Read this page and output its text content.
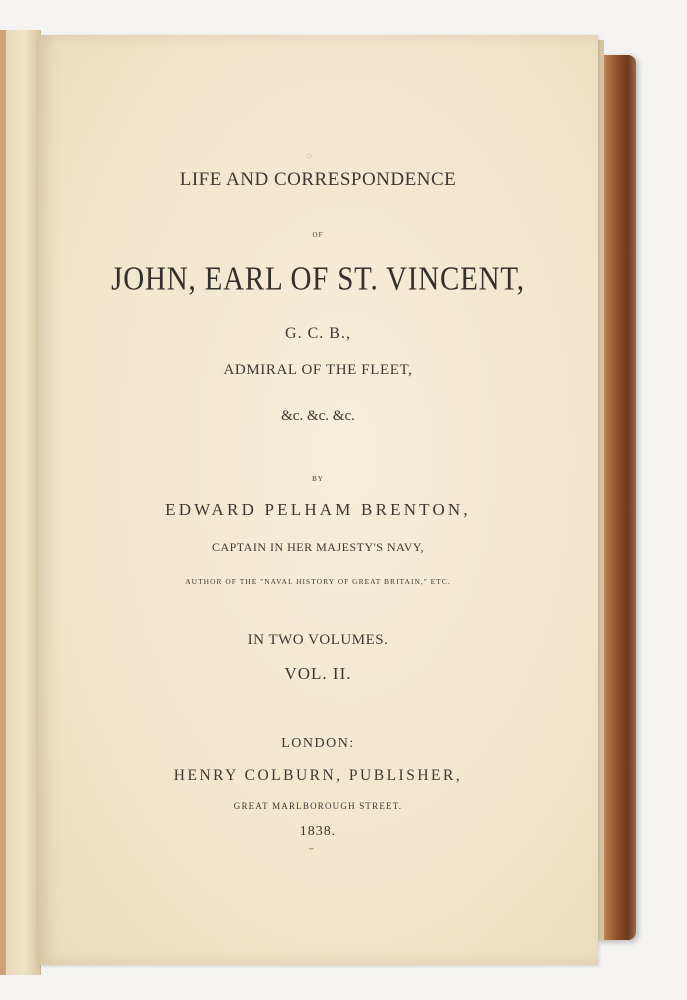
LIFE AND CORRESPONDENCE
OF
JOHN, EARL OF ST. VINCENT,
G. C. B.,
ADMIRAL OF THE FLEET,
&c. &c. &c.
BY
EDWARD PELHAM BRENTON,
CAPTAIN IN HER MAJESTY'S NAVY,
AUTHOR OF THE "NAVAL HISTORY OF GREAT BRITAIN," ETC.
IN TWO VOLUMES.
VOL. II.
LONDON:
HENRY COLBURN, PUBLISHER,
GREAT MARLBOROUGH STREET.
1838.
◌
⌣
